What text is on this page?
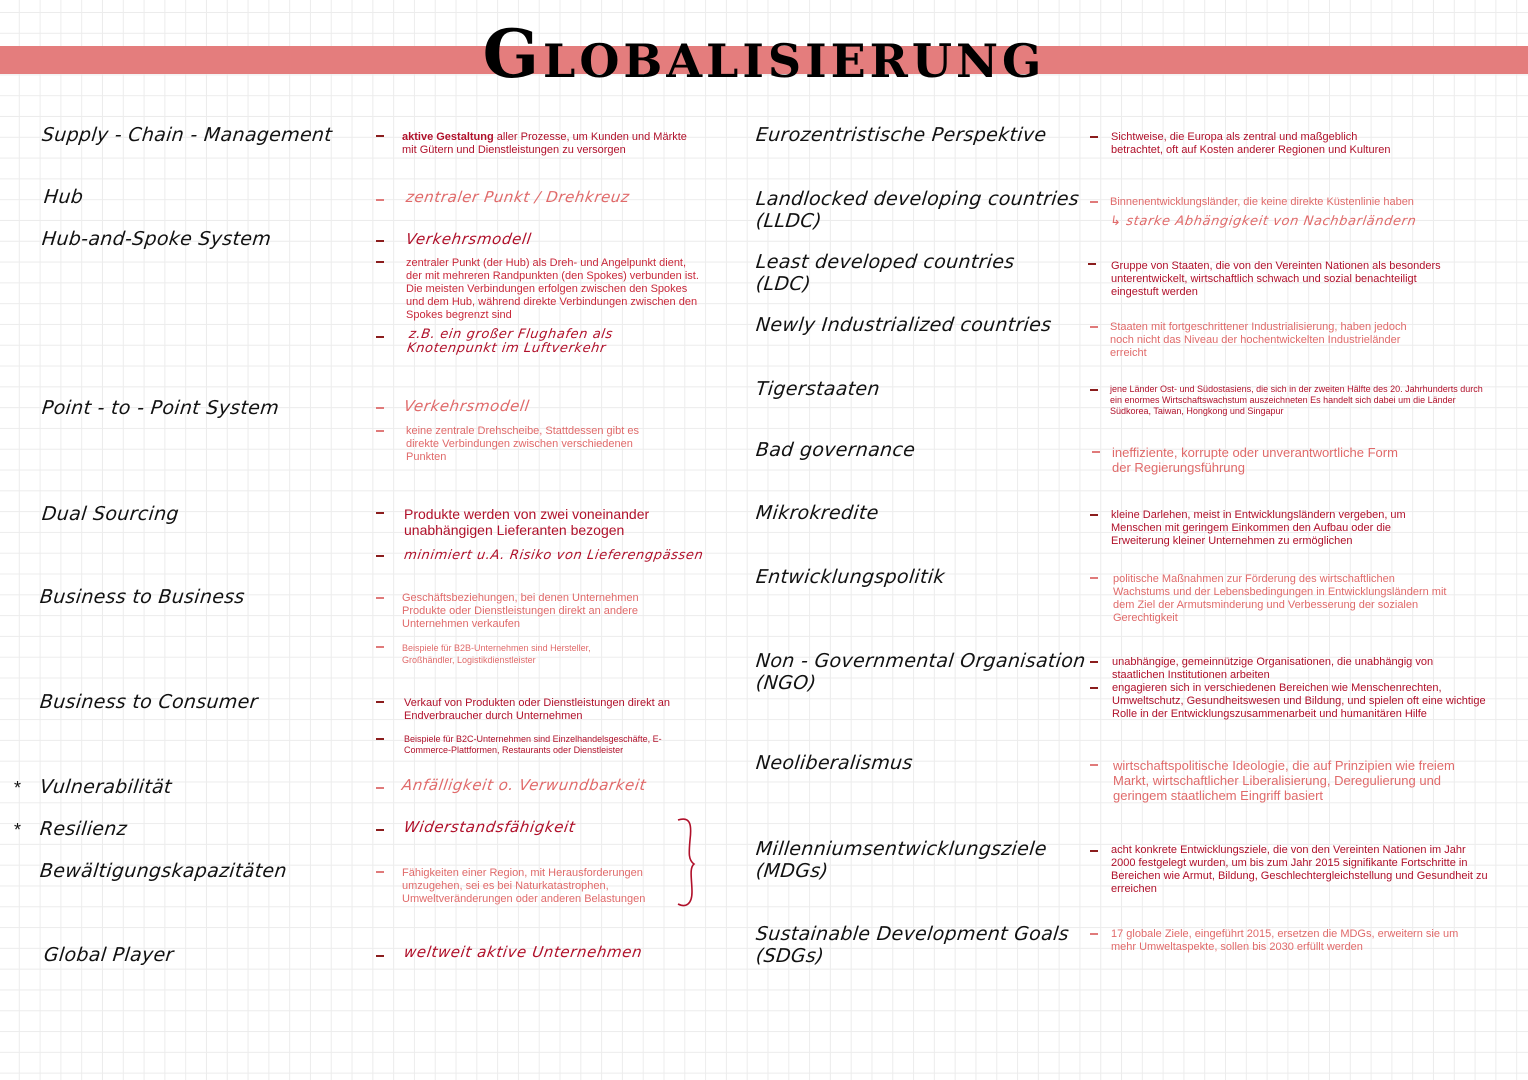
Globalisierung
Supply - Chain - Management
Hub
Hub-and-Spoke System
Point - to - Point System
Dual Sourcing
Business to Business
Business to Consumer
* Vulnerabilität
* Resilienz
Bewältigungskapazitäten
Global Player
aktive Gestaltung aller Prozesse, um Kunden und Märkte mit Gütern und Dienstleistungen zu versorgen
zentraler Punkt / Drehkreuz
Verkehrsmodell
zentraler Punkt (der Hub) als Dreh- und Angelpunkt dient, der mit mehreren Randpunkten (den Spokes) verbunden ist. Die meisten Verbindungen erfolgen zwischen den Spokes und dem Hub, während direkte Verbindungen zwischen den Spokes begrenzt sind
z.B. ein großer Flughafen als Knotenpunkt im Luftverkehr
Verkehrsmodell
keine zentrale Drehscheibe, Stattdessen gibt es direkte Verbindungen zwischen verschiedenen Punkten
Produkte werden von zwei voneinander unabhängigen Lieferanten bezogen
minimiert u.A. Risiko von Lieferengpässen
Geschäftsbeziehungen, bei denen Unternehmen Produkte oder Dienstleistungen direkt an andere Unternehmen verkaufen
Beispiele für B2B-Unternehmen sind Hersteller, Großhändler, Logistikdienstleister
Verkauf von Produkten oder Dienstleistungen direkt an Endverbraucher durch Unternehmen
Beispiele für B2C-Unternehmen sind Einzelhandelsgeschäfte, E-Commerce-Plattformen, Restaurants oder Dienstleister
Anfälligkeit o. Verwundbarkeit
Widerstandsfähigkeit
Fähigkeiten einer Region, mit Herausforderungen umzugehen, sei es bei Naturkatastrophen, Umweltveränderungen oder anderen Belastungen
weltweit aktive Unternehmen
Eurozentristische Perspektive
Landlocked developing countries
(LLDC)
Least developed countries
(LDC)
Newly Industrialized countries
Tigerstaaten
Bad governance
Mikrokredite
Entwicklungspolitik
Non - Governmental Organisation
(NGO)
Neoliberalismus
Millenniumsentwicklungsziele
(MDGs)
Sustainable Development Goals
(SDGs)
Sichtweise, die Europa als zentral und maßgeblich betrachtet, oft auf Kosten anderer Regionen und Kulturen
Binnenentwicklungsländer, die keine direkte Küstenlinie haben
↳ starke Abhängigkeit von Nachbarländern
Gruppe von Staaten, die von den Vereinten Nationen als besonders unterentwickelt, wirtschaftlich schwach und sozial benachteiligt eingestuft werden
Staaten mit fortgeschrittener Industrialisierung, haben jedoch noch nicht das Niveau der hochentwickelten Industrieländer erreicht
jene Länder Ost- und Südostasiens, die sich in der zweiten Hälfte des 20. Jahrhunderts durch ein enormes Wirtschaftswachstum auszeichneten Es handelt sich dabei um die Länder Südkorea, Taiwan, Hongkong und Singapur
ineffiziente, korrupte oder unverantwortliche Form der Regierungsführung
kleine Darlehen, meist in Entwicklungsländern vergeben, um Menschen mit geringem Einkommen den Aufbau oder die Erweiterung kleiner Unternehmen zu ermöglichen
politische Maßnahmen zur Förderung des wirtschaftlichen Wachstums und der Lebensbedingungen in Entwicklungsländern mit dem Ziel der Armutsminderung und Verbesserung der sozialen Gerechtigkeit
unabhängige, gemeinnützige Organisationen, die unabhängig von staatlichen Institutionen arbeiten
engagieren sich in verschiedenen Bereichen wie Menschenrechten, Umweltschutz, Gesundheitswesen und Bildung, und spielen oft eine wichtige Rolle in der Entwicklungszusammenarbeit und humanitären Hilfe
wirtschaftspolitische Ideologie, die auf Prinzipien wie freiem Markt, wirtschaftlicher Liberalisierung, Deregulierung und geringem staatlichem Eingriff basiert
acht konkrete Entwicklungsziele, die von den Vereinten Nationen im Jahr 2000 festgelegt wurden, um bis zum Jahr 2015 signifikante Fortschritte in Bereichen wie Armut, Bildung, Geschlechtergleichstellung und Gesundheit zu erreichen
17 globale Ziele, eingeführt 2015, ersetzen die MDGs, erweitern sie um mehr Umweltaspekte, sollen bis 2030 erfüllt werden
